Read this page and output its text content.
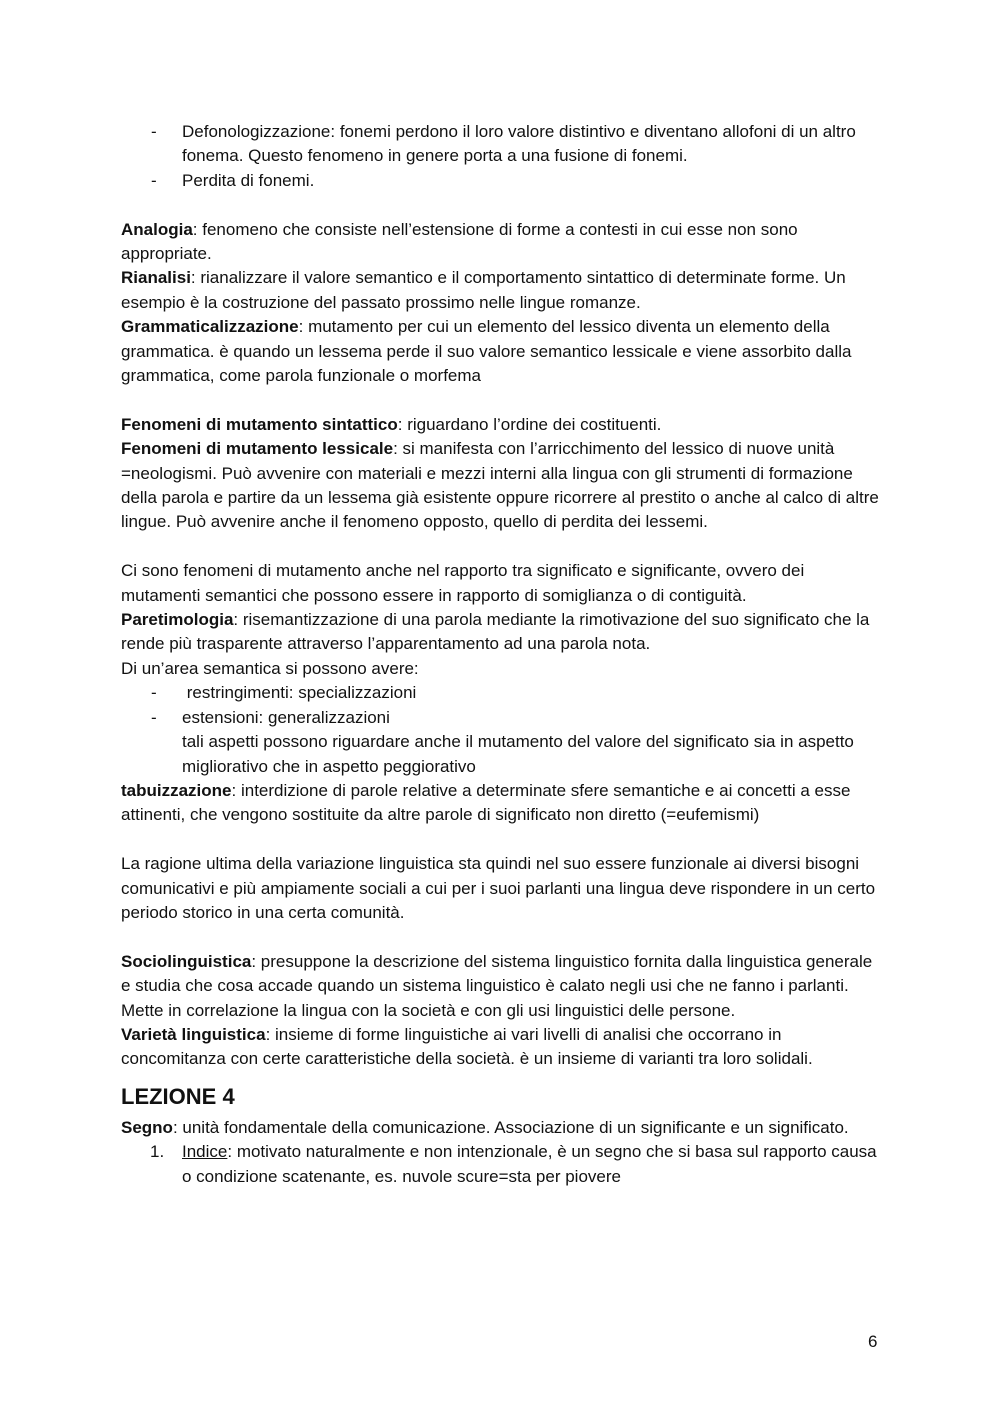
- Defonologizzazione: fonemi perdono il loro valore distintivo e diventano allofoni di un altro fonema. Questo fenomeno in genere porta a una fusione di fonemi.
- Perdita di fonemi.

Analogia: fenomeno che consiste nell’estensione di forme a contesti in cui esse non sono appropriate.

Rianalisi: rianalizzare il valore semantico e il comportamento sintattico di determinate forme. Un esempio è la costruzione del passato prossimo nelle lingue romanze.

Grammaticalizzazione: mutamento per cui un elemento del lessico diventa un elemento della grammatica. è quando un lessema perde il suo valore semantico lessicale e viene assorbito dalla grammatica, come parola funzionale o morfema

Fenomeni di mutamento sintattico: riguardano l’ordine dei costituenti.

Fenomeni di mutamento lessicale: si manifesta con l’arricchimento del lessico di nuove unità =neologismi. Può avvenire con materiali e mezzi interni alla lingua con gli strumenti di formazione della parola e partire da un lessema già esistente oppure ricorrere al prestito o anche al calco di altre lingue. Può avvenire anche il fenomeno opposto, quello di perdita dei lessemi.

Ci sono fenomeni di mutamento anche nel rapporto tra significato e significante, ovvero dei mutamenti semantici che possono essere in rapporto di somiglianza o di contiguità.

Paretimologia: risemantizzazione di una parola mediante la rimotivazione del suo significato che la rende più trasparente attraverso l’apparentamento ad una parola nota.

Di un’area semantica si possono avere:

-  restringimenti: specializzazioni
- estensioni: generalizzazioni

tali aspetti possono riguardare anche il mutamento del valore del significato sia in aspetto migliorativo che in aspetto peggiorativo

tabuizzazione: interdizione di parole relative a determinate sfere semantiche e ai concetti a esse attinenti, che vengono sostituite da altre parole di significato non diretto (=eufemismi)

La ragione ultima della variazione linguistica sta quindi nel suo essere funzionale ai diversi bisogni comunicativi e più ampiamente sociali a cui per i suoi parlanti una lingua deve rispondere in un certo periodo storico in una certa comunità.

Sociolinguistica: presuppone la descrizione del sistema linguistico fornita dalla linguistica generale e studia che cosa accade quando un sistema linguistico è calato negli usi che ne fanno i parlanti. Mette in correlazione la lingua con la società e con gli usi linguistici delle persone.

Varietà linguistica: insieme di forme linguistiche ai vari livelli di analisi che occorrano in concomitanza con certe caratteristiche della società. è un insieme di varianti tra loro solidali.

LEZIONE 4

Segno: unità fondamentale della comunicazione. Associazione di un significante e un significato.

1. Indice: motivato naturalmente e non intenzionale, è un segno che si basa sul rapporto causa o condizione scatenante, es. nuvole scure=sta per piovere
6
